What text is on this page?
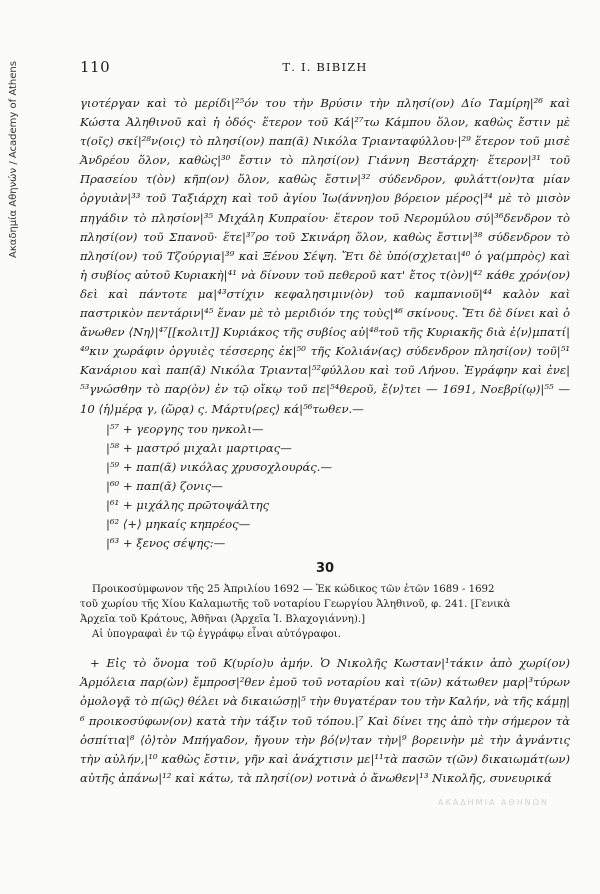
Ακαδημία Αθηνών / Academy of Athens	110	Τ. Ι. ΒΙΒΙΖΗ

γιοτέργαν καὶ τὸ μερίδι|²⁵όν του τὴν Βρύσιν τὴν πλησί(ον) Δίο Ταμίρη|²⁶ καὶ Κώστα Ἀληθινοῦ καὶ ἡ ὁδός· ἕτερον τοῦ Κά|²⁷τω Κάμπου ὅλον, καθὼς ἔστιν μὲ τ(οῖς) σκί|²⁸ν(οις) τὸ πλησί(ον) παπ(ᾶ) Νικόλα Τριανταφύλλου·|²⁹ ἕτερον τοῦ μισὲ Ἀνδρέου ὅλον, καθὼς|³⁰ ἔστιν τὸ πλησί(ον) Γιάννη Βεστάρχη· ἕτερον|³¹ τοῦ Πρασείου τ(ὸν) κῆπ(ον) ὅλον, καθὼς ἔστιν|³² σύδενδρον, φυλάττ(ον)τα μίαν ὀργυιὰν|³³ τοῦ Ταξιάρχη καὶ τοῦ ἁγίου Ἰω(άννη)ου βόρειον μέρος|³⁴ μὲ τὸ μισὸν πηγάδιν τὸ πλησίον|³⁵ Μιχάλη Κυπραίου· ἕτερον τοῦ Νερομύλου σύ|³⁶δενδρον τὸ πλησί(ον) τοῦ Σπανοῦ· ἕτε|³⁷ρο τοῦ Σκινάρη ὅλον, καθὼς ἔστιν|³⁸ σύδενδρον τὸ πλησί(ον) τοῦ Τζούργια|³⁹ καὶ Ξένου Σέψη. Ἔτι δὲ ὑπό(σχ)εται|⁴⁰ ὁ γα(μπρὸς) καὶ ἡ συβίος αὐτοῦ Κυριακὴ|⁴¹ νὰ δίνουν τοῦ πεθεροῦ κατ' ἔτος τ(ὸν)|⁴² κάθε χρόν(ον) δεὶ καὶ πάντοτε μα|⁴³στίχιν κεφαλησιμιν(ὸν) τοῦ καμπανιοῦ|⁴⁴ καλὸν καὶ παστρικὸν πεντάριν|⁴⁵ ἕναν μὲ τὸ μεριδιόν της τοὺς|⁴⁶ σκίνους. Ἔτι δὲ δίνει καὶ ὁ ἄνωθεν ⟨Νη⟩|⁴⁷[[κολιτ]] Κυριάκος τῆς συβίος αὐ|⁴⁸τοῦ τῆς Κυριακῆς διὰ ἐ⟨ν⟩μπατί|⁴⁹κιν χωράφιν ὀργυιὲς τέσσερης ἐκ|⁵⁰ τῆς Κολιάν(ας) σύδενδρον πλησί(ον) τοῦ|⁵¹ Κανάριου καὶ παπ(ᾶ) Νικόλα Τριαντα|⁵²φύλλου καὶ τοῦ Λήνου. Ἐγράφην καὶ ἐνε|⁵³γνώσθην τὸ παρ(ὸν) ἐν τῷ οἴκῳ τοῦ πε|⁵⁴θεροῦ, ἔ⟨ν⟩τει — 1691, Νοεβρί(ῳ)|⁵⁵ — 10 ⟨ἡ⟩μέρᾳ γ, (ὥρᾳ) ς. Μάρτυ⟨ρες⟩ κά|⁵⁶τωθεν.—

|⁵⁷ + γεοργης του ηνκολι—
|⁵⁸ + μαστρό μιχαλι μαρτιρας—
|⁵⁹ + παπ(ᾶ) νικόλας χρυσοχλουράς.—
|⁶⁰ + παπ(ᾶ) ζονις—
|⁶¹ + μιχάλης πρῶτοψάλτης
|⁶² ⟨+⟩ μηκαίς κηπρέος—
|⁶³ + ξενος σέψης:—
30

Προικοσύμφωνον τῆς 25 Ἀπριλίου 1692 — Ἐκ κώδικος τῶν ἐτῶν 1689 - 1692

τοῦ χωρίου τῆς Χίου Καλαμωτῆς τοῦ νοταρίου Γεωργίου Ἀληθινοῦ, φ. 241. [Γενικὰ

Ἀρχεῖα τοῦ Κράτους, Ἀθῆναι (Ἀρχεῖα Ἰ. Βλαχογιάννη).]

Αἱ ὑπογραφαὶ ἐν τῷ ἐγγράφῳ εἶναι αὐτόγραφοι.

+ Εἰς τὸ ὄνομα τοῦ Κ(υρίο)υ ἀμήν. Ὁ Νικολῆς Κωσταν|¹τάκιν ἀπὸ χωρί(ον) Ἁρμόλεια παρ(ὼν) ἔμπροσ|²θεν ἐμοῦ τοῦ νοταρίου καὶ τ(ῶν) κάτωθεν μαρ|³τύρων ὁμολογᾷ τὸ π(ῶς) θέλει νὰ δικαιώσῃ|⁵ τὴν θυγατέραν του τὴν Καλήν, νὰ τῆς κάμῃ|⁶ προικοσύφων(ον) κατὰ τὴν τάξιν τοῦ τόπου.|⁷ Καὶ δίνει της ἀπὸ τὴν σήμερον τὰ ὀσπίτια|⁸ ⟨ὀ⟩τὸν Μπήγαδον, ἤγουν τὴν βό⟨ν⟩ταν τὴν|⁹ βορεινὴν μὲ τὴν ἀγνάντις τὴν αὐλήν,|¹⁰ καθὼς ἔστιν, γῆν καὶ ἀνάχτισιν με|¹¹τὰ πασῶν τ(ῶν) δικαιωμάτ(ων) αὐτῆς ἀπάνω|¹² καὶ κάτω, τὰ πλησί(ον) νοτινὰ ὁ ἄνωθεν|¹³ Νικολῆς, συνευρικά

ΑΚΑΔΗΜΙΑ ΑΘΗΝΩΝ
